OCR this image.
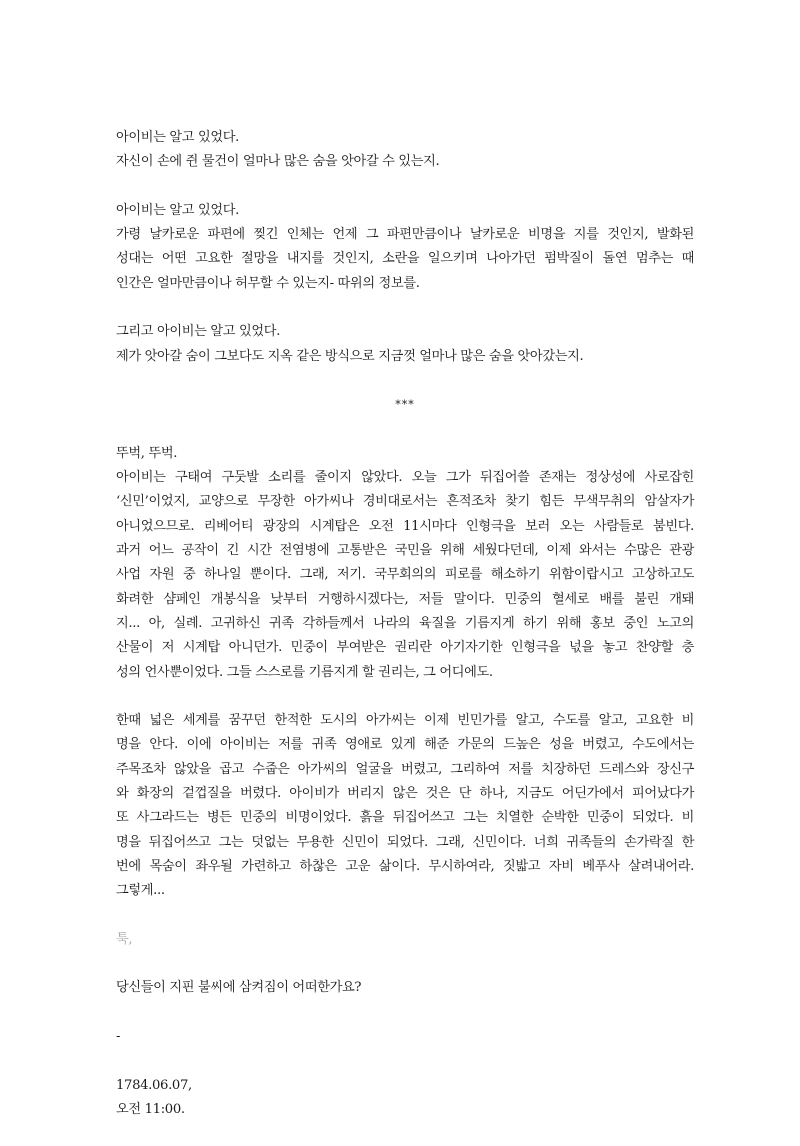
아이비는 알고 있었다.
자신이 손에 쥔 물건이 얼마나 많은 숨을 앗아갈 수 있는지.

아이비는 알고 있었다.
가령 날카로운 파편에 찢긴 인체는 언제 그 파편만큼이나 날카로운 비명을 지를 것인지, 발화된
성대는 어떤 고요한 절망을 내지를 것인지, 소란을 일으키며 나아가던 펌박질이 돌연 멈추는 때
인간은 얼마만큼이나 허무할 수 있는지- 따위의 정보를.

그리고 아이비는 알고 있었다.
제가 앗아갈 숨이 그보다도 지옥 같은 방식으로 지금껏 얼마나 많은 숨을 앗아갔는지.

***

뚜벅, 뚜벅.
아이비는 구태여 구둣발 소리를 줄이지 않았다. 오늘 그가 뒤집어쓸 존재는 정상성에 사로잡힌
‘신민’이었지, 교양으로 무장한 아가씨나 경비대로서는 흔적조차 찾기 힘든 무색무취의 암살자가
아니었으므로. 리베어티 광장의 시계탑은 오전 11시마다 인형극을 보러 오는 사람들로 붐빈다.
과거 어느 공작이 긴 시간 전염병에 고통받은 국민을 위해 세웠다던데, 이제 와서는 수많은 관광
사업 자원 중 하나일 뿐이다. 그래, 저기. 국무회의의 피로를 해소하기 위함이랍시고 고상하고도
화려한 샴페인 개봉식을 낮부터 거행하시겠다는, 저들 말이다. 민중의 혈세로 배를 불린 개돼
지... 아, 실례. 고귀하신 귀족 각하들께서 나라의 육질을 기름지게 하기 위해 홍보 중인 노고의
산물이 저 시계탑 아니던가. 민중이 부여받은 권리란 아기자기한 인형극을 넋을 놓고 찬양할 충
성의 언사뿐이었다. 그들 스스로를 기름지게 할 권리는, 그 어디에도.

한때 넓은 세계를 꿈꾸던 한적한 도시의 아가씨는 이제 빈민가를 알고, 수도를 알고, 고요한 비
명을 안다. 이에 아이비는 저를 귀족 영애로 있게 해준 가문의 드높은 성을 버렸고, 수도에서는
주목조차 않았을 곱고 수줍은 아가씨의 얼굴을 버렸고, 그리하여 저를 치장하던 드레스와 장신구
와 화장의 겉껍질을 버렸다. 아이비가 버리지 않은 것은 단 하나, 지금도 어딘가에서 피어났다가
또 사그라드는 병든 민중의 비명이었다. 흙을 뒤집어쓰고 그는 치열한 순박한 민중이 되었다. 비
명을 뒤집어쓰고 그는 덧없는 무용한 신민이 되었다. 그래, 신민이다. 너희 귀족들의 손가락질 한
번에 목숨이 좌우될 가련하고 하찮은 고운 삶이다. 무시하여라, 짓밟고 자비 베푸사 살려내어라.
그렇게...

툭,

당신들이 지핀 불씨에 삼켜짐이 어떠한가요?

-

1784.06.07,
오전 11:00.
